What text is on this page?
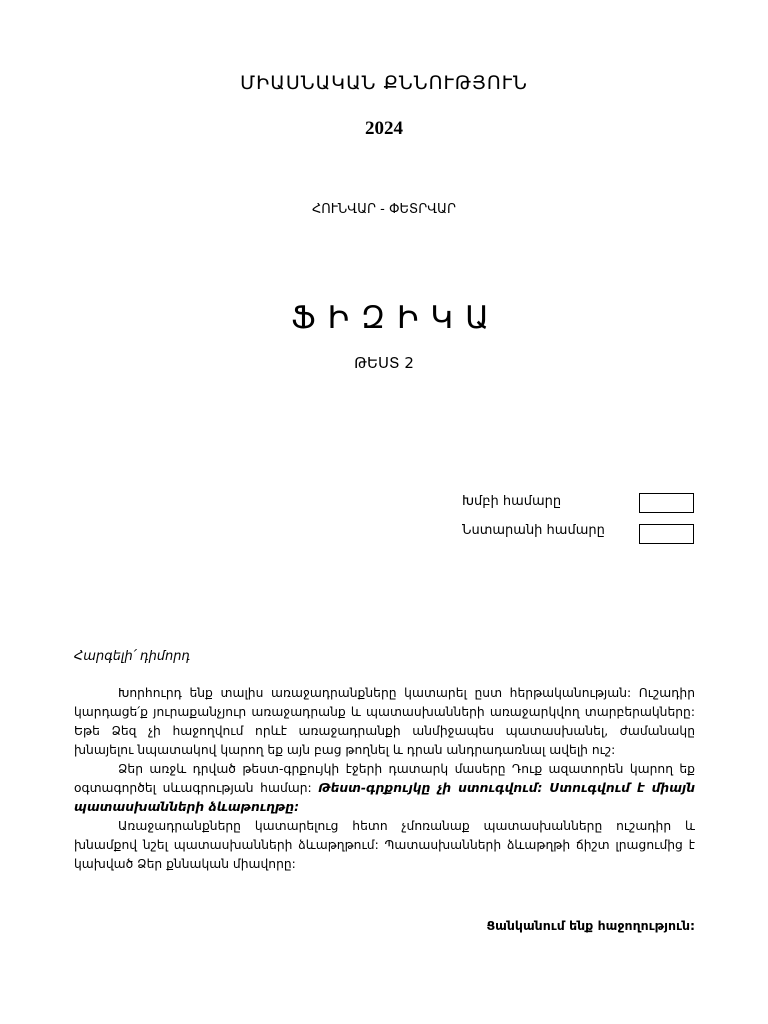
ՄԻԱՍՆԱԿԱՆ ՔՆՆՈՒԹՅՈՒՆ
2024
ՀՈՒՆՎԱՐ - ՓԵՏՐՎԱՐ
ՖԻԶԻԿԱ
ԹԵՍՏ 2
Խմբի համարը
Նստարանի համարը
Հարգելի՛ դիմորդ

Խորհուրդ ենք տալիս առաջադրանքները կատարել ըստ հերթականության: Ուշադիր կարդացե՛ք յուրաքանչյուր առաջադրանք և պատասխանների առաջարկվող տարբերակները: Եթե Ձեզ չի հաջողվում որևէ առաջադրանքի անմիջապես պատասխանել, ժամանակը խնայելու նպատակով կարող եք այն բաց թողնել և դրան անդրադառնալ ավելի ուշ:

Ձեր առջև դրված թեստ-գրքույկի էջերի դատարկ մասերը Դուք ազատորեն կարող եք օգտագործել սևագրության համար: Թեստ-գրքույկը չի ստուգվում: Ստուգվում է միայն պատասխանների ձևաթուղթը:

Առաջադրանքները կատարելուց հետո չմոռանաք պատասխանները ուշադիր և խնամքով նշել պատասխանների ձևաթղթում: Պատասխանների ձևաթղթի ճիշտ լրացումից է կախված Ձեր քննական միավորը:

Ցանկանում ենք հաջողություն:
